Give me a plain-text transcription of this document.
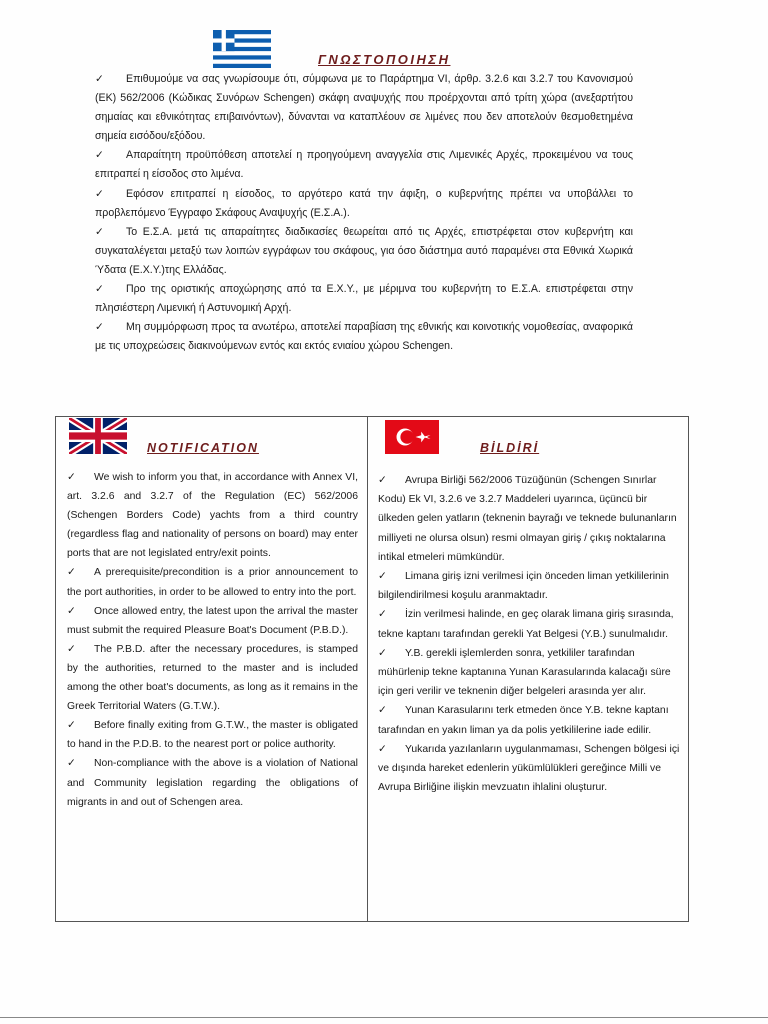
ΓΝΩΣΤΟΠΟΙΗΣΗ
✓ Επιθυμούμε να σας γνωρίσουμε ότι, σύμφωνα με το Παράρτημα VI, άρθρ. 3.2.6 και 3.2.7 του Κανονισμού (ΕΚ) 562/2006 (Κώδικας Συνόρων Schengen) σκάφη αναψυχής που προέρχονται από τρίτη χώρα (ανεξαρτήτου σημαίας και εθνικότητας επιβαινόντων), δύνανται να καταπλέουν σε λιμένες που δεν αποτελούν θεσμοθετημένα σημεία εισόδου/εξόδου.
✓ Απαραίτητη προϋπόθεση αποτελεί η προηγούμενη αναγγελία στις Λιμενικές Αρχές, προκειμένου να τους επιτραπεί η είσοδος στο λιμένα.
✓ Εφόσον επιτραπεί η είσοδος, το αργότερο κατά την άφιξη, ο κυβερνήτης πρέπει να υποβάλλει το προβλεπόμενο Έγγραφο Σκάφους Αναψυχής (Ε.Σ.Α.).
✓ Το Ε.Σ.Α. μετά τις απαραίτητες διαδικασίες θεωρείται από τις Αρχές, επιστρέφεται στον κυβερνήτη και συγκαταλέγεται μεταξύ των λοιπών εγγράφων του σκάφους, για όσο διάστημα αυτό παραμένει στα Εθνικά Χωρικά Ύδατα (Ε.Χ.Υ.)της Ελλάδας.
✓ Προ της οριστικής αποχώρησης από τα Ε.Χ.Υ., με μέριμνα του κυβερνήτη το Ε.Σ.Α. επιστρέφεται στην πλησιέστερη Λιμενική ή Αστυνομική Αρχή.
✓ Μη συμμόρφωση προς τα ανωτέρω, αποτελεί παραβίαση της εθνικής και κοινοτικής νομοθεσίας, αναφορικά με τις υποχρεώσεις διακινούμενων εντός και εκτός ενιαίου χώρου Schengen.
NOTIFICATION	BİLDİRİ
✓ We wish to inform you that, in accordance with Annex VI, art. 3.2.6 and 3.2.7 of the Regulation (EC) 562/2006 (Schengen Borders Code) yachts from a third country (regardless flag and nationality of persons on board) may enter ports that are not legislated entry/exit points.
✓ A prerequisite/precondition is a prior announcement to the port authorities, in order to be allowed to entry into the port.
✓ Once allowed entry, the latest upon the arrival the master must submit the required Pleasure Boat's Document (P.B.D.).
✓ The P.B.D. after the necessary procedures, is stamped by the authorities, returned to the master and is included among the other boat's documents, as long as it remains in the Greek Territorial Waters (G.T.W.).
✓ Before finally exiting from G.T.W., the master is obligated to hand in the P.D.B. to the nearest port or police authority.
✓ Non-compliance with the above is a violation of National and Community legislation regarding the obligations of migrants in and out of Schengen area.
✓ Avrupa Birliği 562/2006 Tüzüğünün (Schengen Sınırlar Kodu) Ek VI, 3.2.6 ve 3.2.7 Maddeleri uyarınca, üçüncü bir ülkeden gelen yatların (teknenin bayrağı ve teknede bulunanların milliyeti ne olursa olsun) resmi olmayan giriş / çıkış noktalarına intikal etmeleri mümkündür.
✓ Limana giriş izni verilmesi için önceden liman yetkililerinin bilgilendirilmesi koşulu aranmaktadır.
✓ İzin verilmesi halinde, en geç olarak limana giriş sırasında, tekne kaptanı tarafından gerekli Yat Belgesi (Y.B.) sunulmalıdır.
✓ Y.B. gerekli işlemlerden sonra, yetkililer tarafından mühürlenip tekne kaptanına Yunan Karasularında kalacağı süre için geri verilir ve teknenin diğer belgeleri arasında yer alır.
✓ Yunan Karasularını terk etmeden önce Y.B. tekne kaptanı tarafından en yakın liman ya da polis yetkililerine iade edilir.
✓ Yukarıda yazılanların uygulanmaması, Schengen bölgesi içi ve dışında hareket edenlerin yükümlülükleri gereğince Milli ve Avrupa Birliğine ilişkin mevzuatın ihlalini oluşturur.
